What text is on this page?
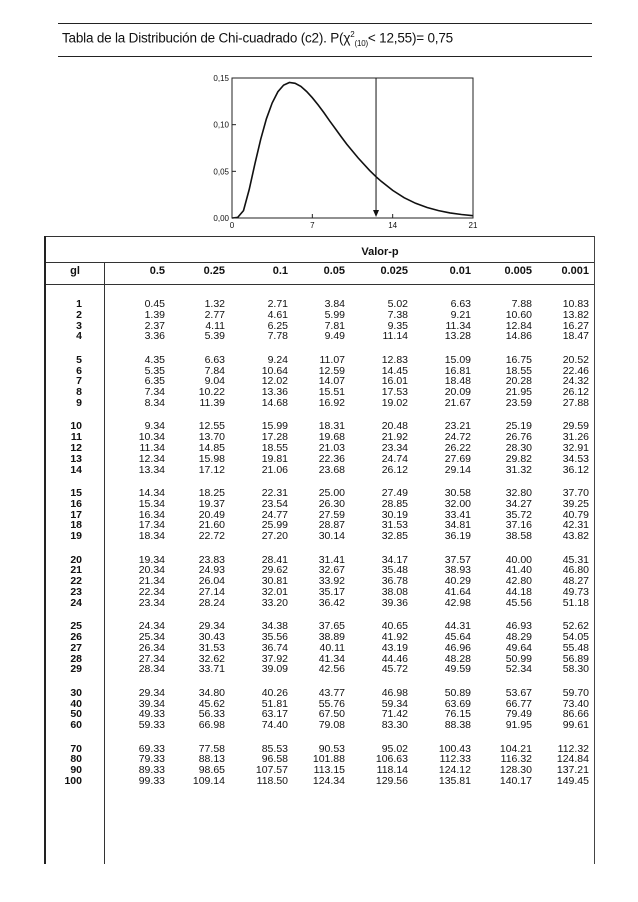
Tabla de la Distribución de Chi-cuadrado (c2). $P(\chi^2_{(10)}< 12,55)= 0,75$
0,00
0,05
0,10
0,15
0	7	14	21
Valor-p
gl	0.5	0.25	0.1	0.05	0.025	0.01	0.005	0.001
1	0.45	1.32	2.71	3.84	5.02	6.63	7.88	10.83
2	1.39	2.77	4.61	5.99	7.38	9.21	10.60	13.82
3	2.37	4.11	6.25	7.81	9.35	11.34	12.84	16.27
4	3.36	5.39	7.78	9.49	11.14	13.28	14.86	18.47
5	4.35	6.63	9.24	11.07	12.83	15.09	16.75	20.52
6	5.35	7.84	10.64	12.59	14.45	16.81	18.55	22.46
7	6.35	9.04	12.02	14.07	16.01	18.48	20.28	24.32
8	7.34	10.22	13.36	15.51	17.53	20.09	21.95	26.12
9	8.34	11.39	14.68	16.92	19.02	21.67	23.59	27.88
10	9.34	12.55	15.99	18.31	20.48	23.21	25.19	29.59
11	10.34	13.70	17.28	19.68	21.92	24.72	26.76	31.26
12	11.34	14.85	18.55	21.03	23.34	26.22	28.30	32.91
13	12.34	15.98	19.81	22.36	24.74	27.69	29.82	34.53
14	13.34	17.12	21.06	23.68	26.12	29.14	31.32	36.12
15	14.34	18.25	22.31	25.00	27.49	30.58	32.80	37.70
16	15.34	19.37	23.54	26.30	28.85	32.00	34.27	39.25
17	16.34	20.49	24.77	27.59	30.19	33.41	35.72	40.79
18	17.34	21.60	25.99	28.87	31.53	34.81	37.16	42.31
19	18.34	22.72	27.20	30.14	32.85	36.19	38.58	43.82
20	19.34	23.83	28.41	31.41	34.17	37.57	40.00	45.31
21	20.34	24.93	29.62	32.67	35.48	38.93	41.40	46.80
22	21.34	26.04	30.81	33.92	36.78	40.29	42.80	48.27
23	22.34	27.14	32.01	35.17	38.08	41.64	44.18	49.73
24	23.34	28.24	33.20	36.42	39.36	42.98	45.56	51.18
25	24.34	29.34	34.38	37.65	40.65	44.31	46.93	52.62
26	25.34	30.43	35.56	38.89	41.92	45.64	48.29	54.05
27	26.34	31.53	36.74	40.11	43.19	46.96	49.64	55.48
28	27.34	32.62	37.92	41.34	44.46	48.28	50.99	56.89
29	28.34	33.71	39.09	42.56	45.72	49.59	52.34	58.30
30	29.34	34.80	40.26	43.77	46.98	50.89	53.67	59.70
40	39.34	45.62	51.81	55.76	59.34	63.69	66.77	73.40
50	49.33	56.33	63.17	67.50	71.42	76.15	79.49	86.66
60	59.33	66.98	74.40	79.08	83.30	88.38	91.95	99.61
70	69.33	77.58	85.53	90.53	95.02	100.43	104.21	112.32
80	79.33	88.13	96.58	101.88	106.63	112.33	116.32	124.84
90	89.33	98.65	107.57	113.15	118.14	124.12	128.30	137.21
100	99.33	109.14	118.50	124.34	129.56	135.81	140.17	149.45
